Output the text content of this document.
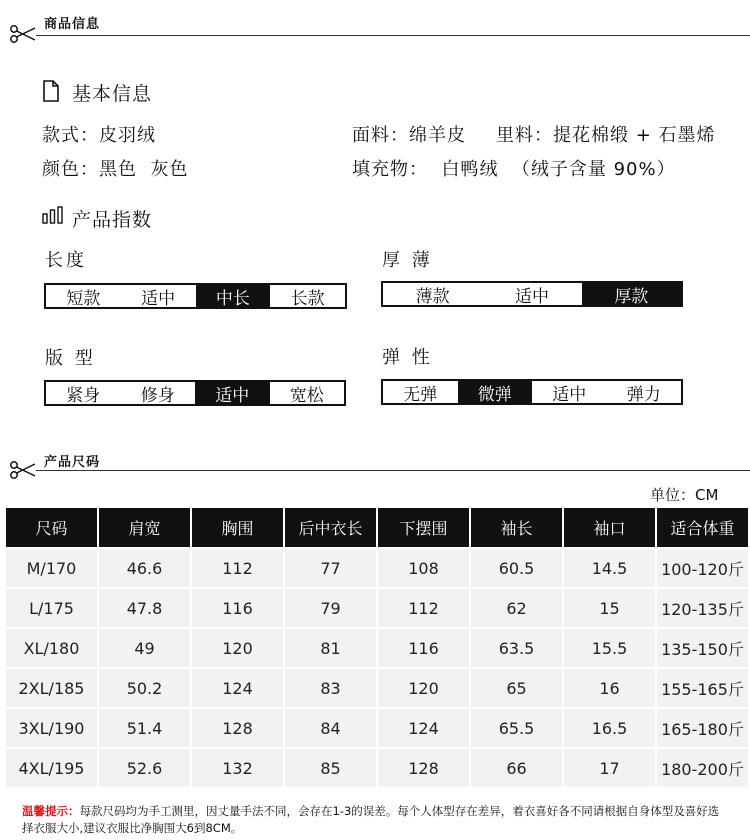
商品信息
基本信息
款式：皮羽绒	面料：绵羊皮 里料：提花棉缎 + 石墨烯
颜色：黑色  灰色	填充物：  白鸭绒  （绒子含量 90%）
产品指数
长度
短款	适中	中长	长款
厚 薄
薄款	适中	厚款
版 型
紧身	修身	适中	宽松
弹 性
无弹	微弹	适中	弹力
产品尺码
单位：CM
尺码	肩宽	胸围	后中衣长	下摆围	袖长	袖口	适合体重
M/170	46.6	112	77	108	60.5	14.5	100-120斤
L/175	47.8	116	79	112	62	15	120-135斤
XL/180	49	120	81	116	63.5	15.5	135-150斤
2XL/185	50.2	124	83	120	65	16	155-165斤
3XL/190	51.4	128	84	124	65.5	16.5	165-180斤
4XL/195	52.6	132	85	128	66	17	180-200斤
温馨提示：每款尺码均为手工测里，因丈量手法不同，会存在1-3的误差。每个人体型存在差异，着衣喜好各不同请根据自身体型及喜好选择衣服大小,建议衣服比净胸围大6到8CM。
